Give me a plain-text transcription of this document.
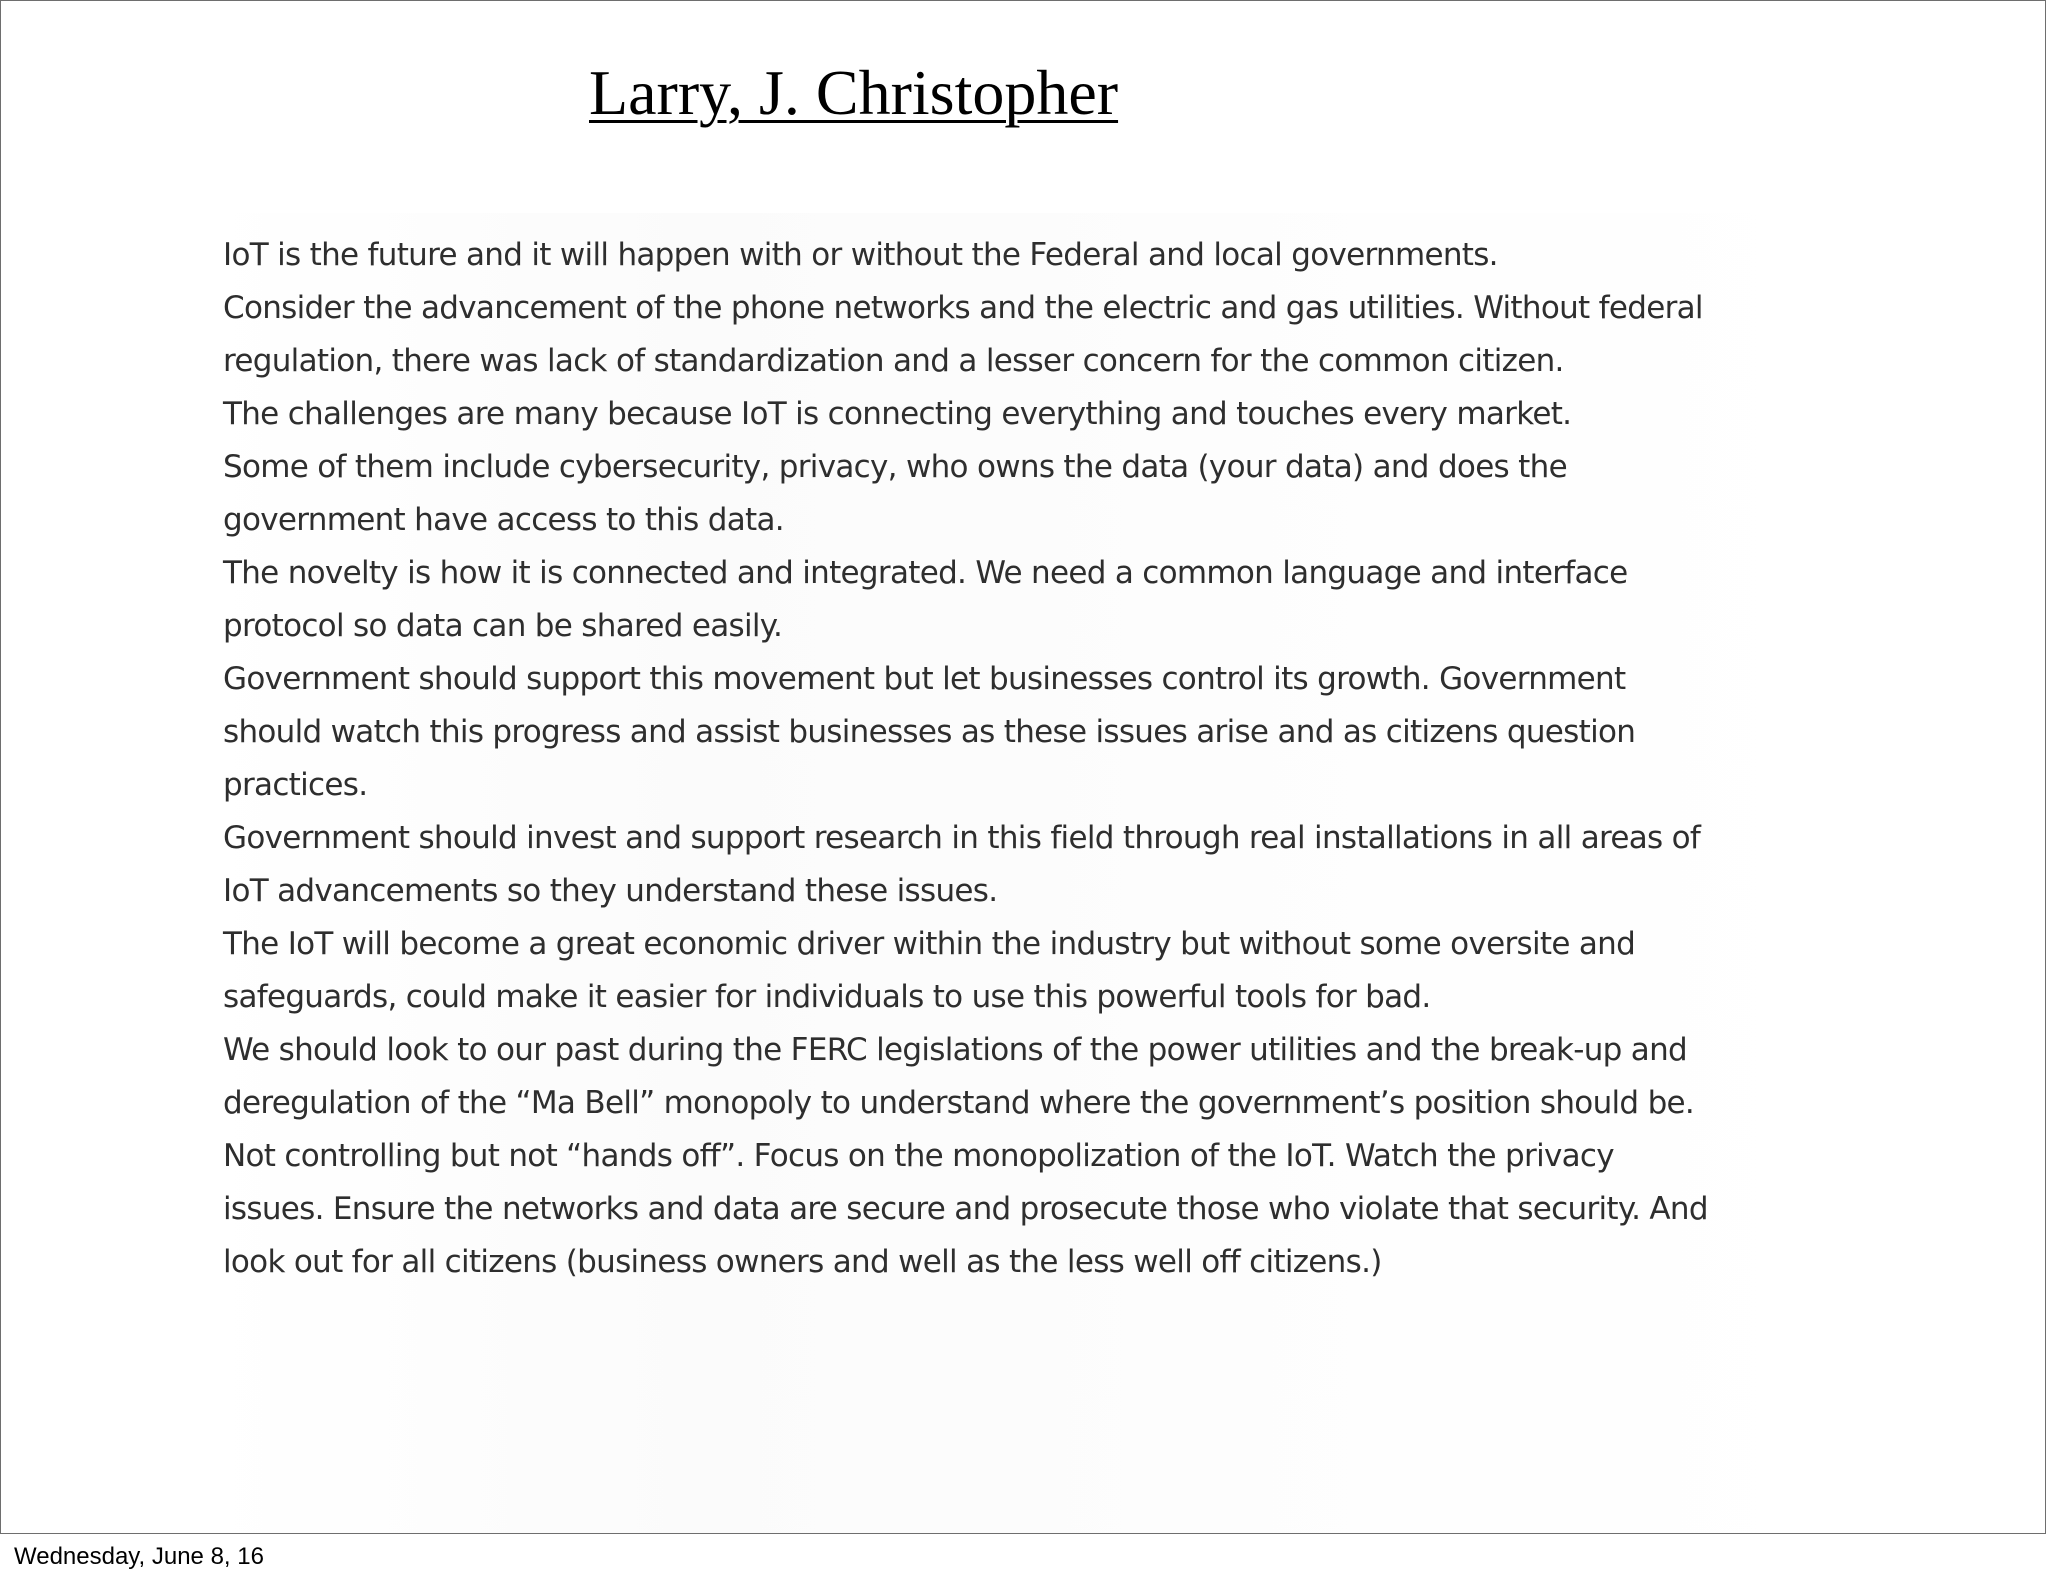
Larry, J. Christopher
IoT is the future and it will happen with or without the Federal and local governments.
Consider the advancement of the phone networks and the electric and gas utilities. Without federal
regulation, there was lack of standardization and a lesser concern for the common citizen.
The challenges are many because IoT is connecting everything and touches every market.
Some of them include cybersecurity, privacy, who owns the data (your data) and does the
government have access to this data.
The novelty is how it is connected and integrated. We need a common language and interface
protocol so data can be shared easily.
Government should support this movement but let businesses control its growth. Government
should watch this progress and assist businesses as these issues arise and as citizens question
practices.
Government should invest and support research in this field through real installations in all areas of
IoT advancements so they understand these issues.
The IoT will become a great economic driver within the industry but without some oversite and
safeguards, could make it easier for individuals to use this powerful tools for bad.
We should look to our past during the FERC legislations of the power utilities and the break-up and
deregulation of the “Ma Bell” monopoly to understand where the government’s position should be.
Not controlling but not “hands off”. Focus on the monopolization of the IoT. Watch the privacy
issues. Ensure the networks and data are secure and prosecute those who violate that security. And
look out for all citizens (business owners and well as the less well off citizens.)
Wednesday, June 8, 16
